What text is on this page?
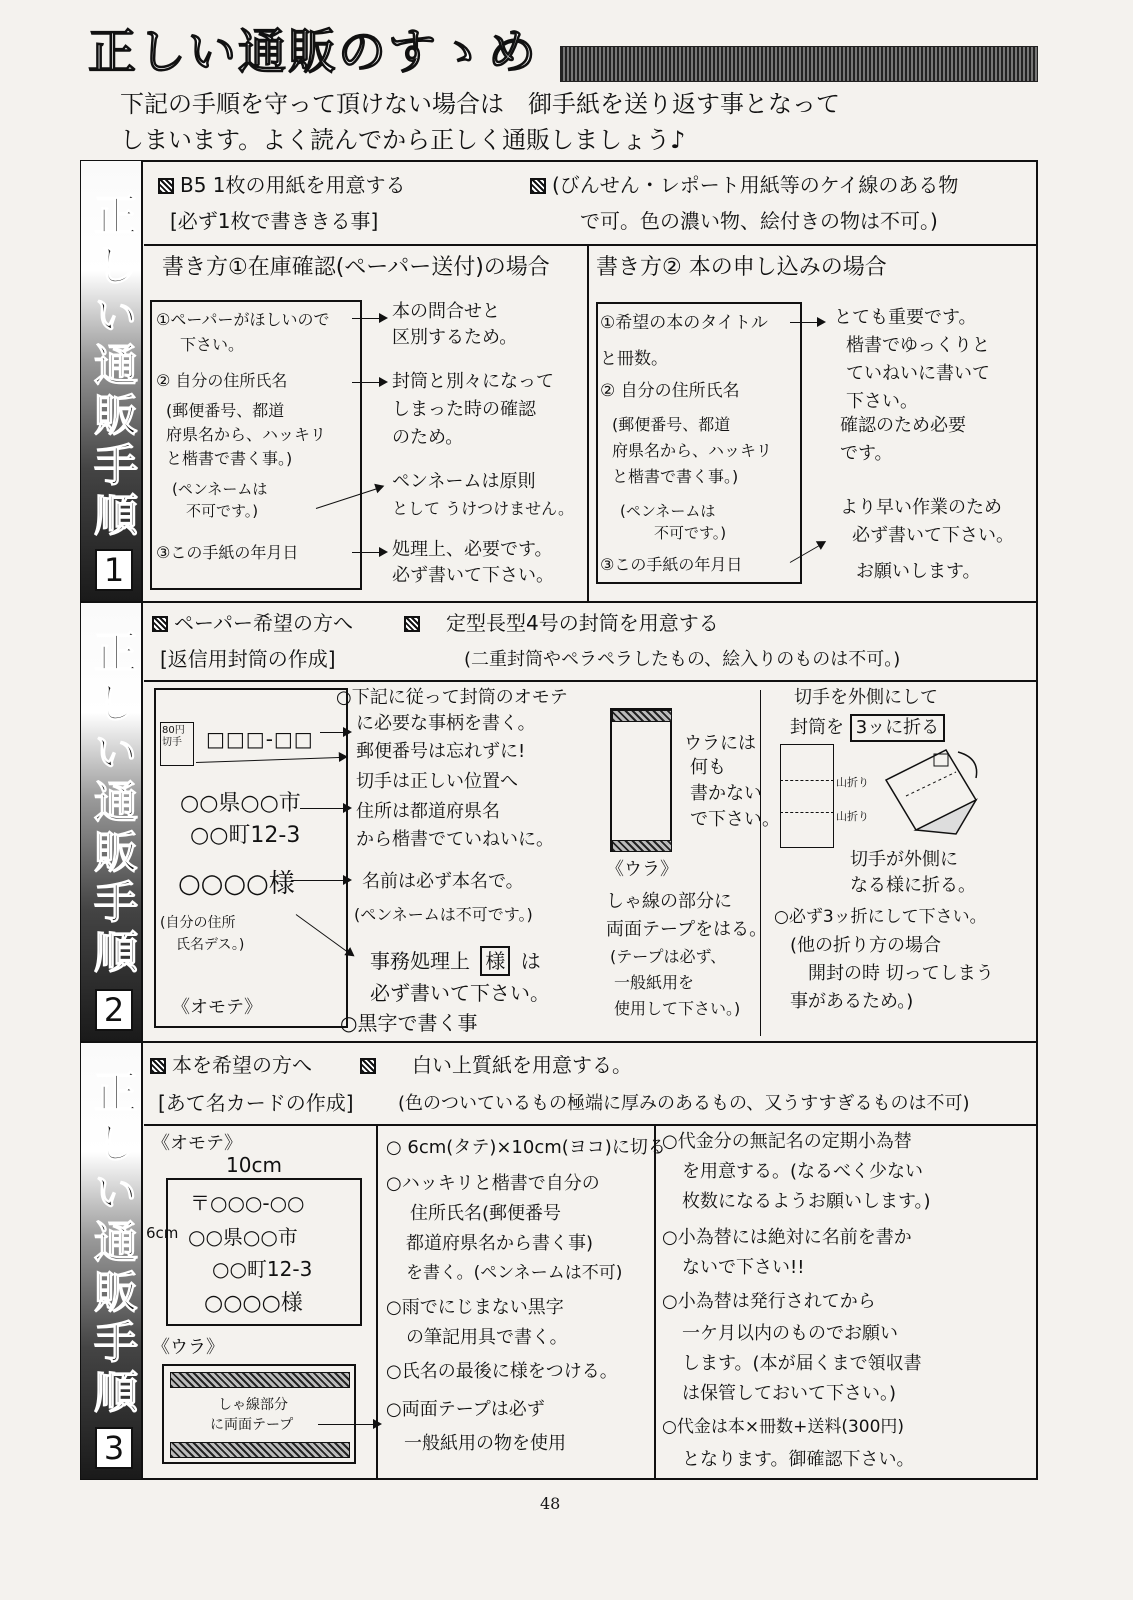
正しい通販のすゝめ
下記の手順を守って頂けない場合は　御手紙を送り返す事となって
しまいます。よく読んでから正しく通販しましょう♪
正しい通販手順
1
正しい通販手順
2
正しい通販手順
3
B5 1枚の用紙を用意する	(びんせん・レポート用紙等のケイ線のある物
[必ず1枚で書ききる事]	で可。色の濃い物、絵付きの物は不可。)
書き方①在庫確認(ペーパー送付)の場合 書き方② 本の申し込みの場合
①ペーパーがほしいので
下さい。
② 自分の住所氏名
(郵便番号、都道
府県名から、ハッキリ
と楷書で書く事。)
(ペンネームは
不可です。)
③この手紙の年月日
本の問合せと
区別するため。
封筒と別々になって
しまった時の確認
のため。
ペンネームは原則
として うけつけません。
処理上、必要です。
必ず書いて下さい。
①希望の本のタイトル
と冊数。
② 自分の住所氏名
(郵便番号、都道
府県名から、ハッキリ
と楷書で書く事。)
(ペンネームは
不可です。)
③この手紙の年月日
とても重要です。
楷書でゆっくりと
ていねいに書いて
下さい。
確認のため必要
です。
より早い作業のため
必ず書いて下さい。
お願いします。
ペーパー希望の方へ	定型長型4号の封筒を用意する
[返信用封筒の作成]	(二重封筒やペラペラしたもの、絵入りのものは不可。)
80円切手	□□□-□□
○○県○○市
○○町12-3
○○○○様
(自分の住所
氏名デス。)
《オモテ》
○下記に従って封筒のオモテ
に必要な事柄を書く。
郵便番号は忘れずに!
切手は正しい位置へ
住所は都道府県名
から楷書でていねいに。
名前は必ず本名で。
(ペンネームは不可です。)
事務処理上 様 は
必ず書いて下さい。
○黒字で書く事
ウラには
何も
書かない
で下さい。
《ウラ》
しゃ線の部分に
両面テープをはる。
(テープは必ず、
一般紙用を
使用して下さい。)
切手を外側にして
封筒を 3ッに折る
山折り
山折り
切手が外側に
なる様に折る。
○必ず3ッ折にして下さい。
(他の折り方の場合
開封の時 切ってしまう
事があるため。)
本を希望の方へ	白い上質紙を用意する。
[あて名カードの作成] (色のついているもの極端に厚みのあるもの、又うすすぎるものは不可)
《オモテ》
10cm
6cm
〒○○○-○○
○○県○○市
○○町12-3
○○○○様
《ウラ》
しゃ線部分
に両面テープ
○ 6cm(タテ)×10cm(ヨコ)に切る
○ハッキリと楷書で自分の
住所氏名(郵便番号
都道府県名から書く事)
を書く。(ペンネームは不可)
○雨でにじまない黒字
の筆記用具で書く。
○氏名の最後に様をつける。
○両面テープは必ず
一般紙用の物を使用
○代金分の無記名の定期小為替
を用意する。(なるべく少ない
枚数になるようお願いします。)
○小為替には絶対に名前を書か
ないで下さい!!
○小為替は発行されてから
一ケ月以内のものでお願い
します。(本が届くまで領収書
は保管しておいて下さい。)
○代金は本×冊数+送料(300円)
となります。御確認下さい。
48
